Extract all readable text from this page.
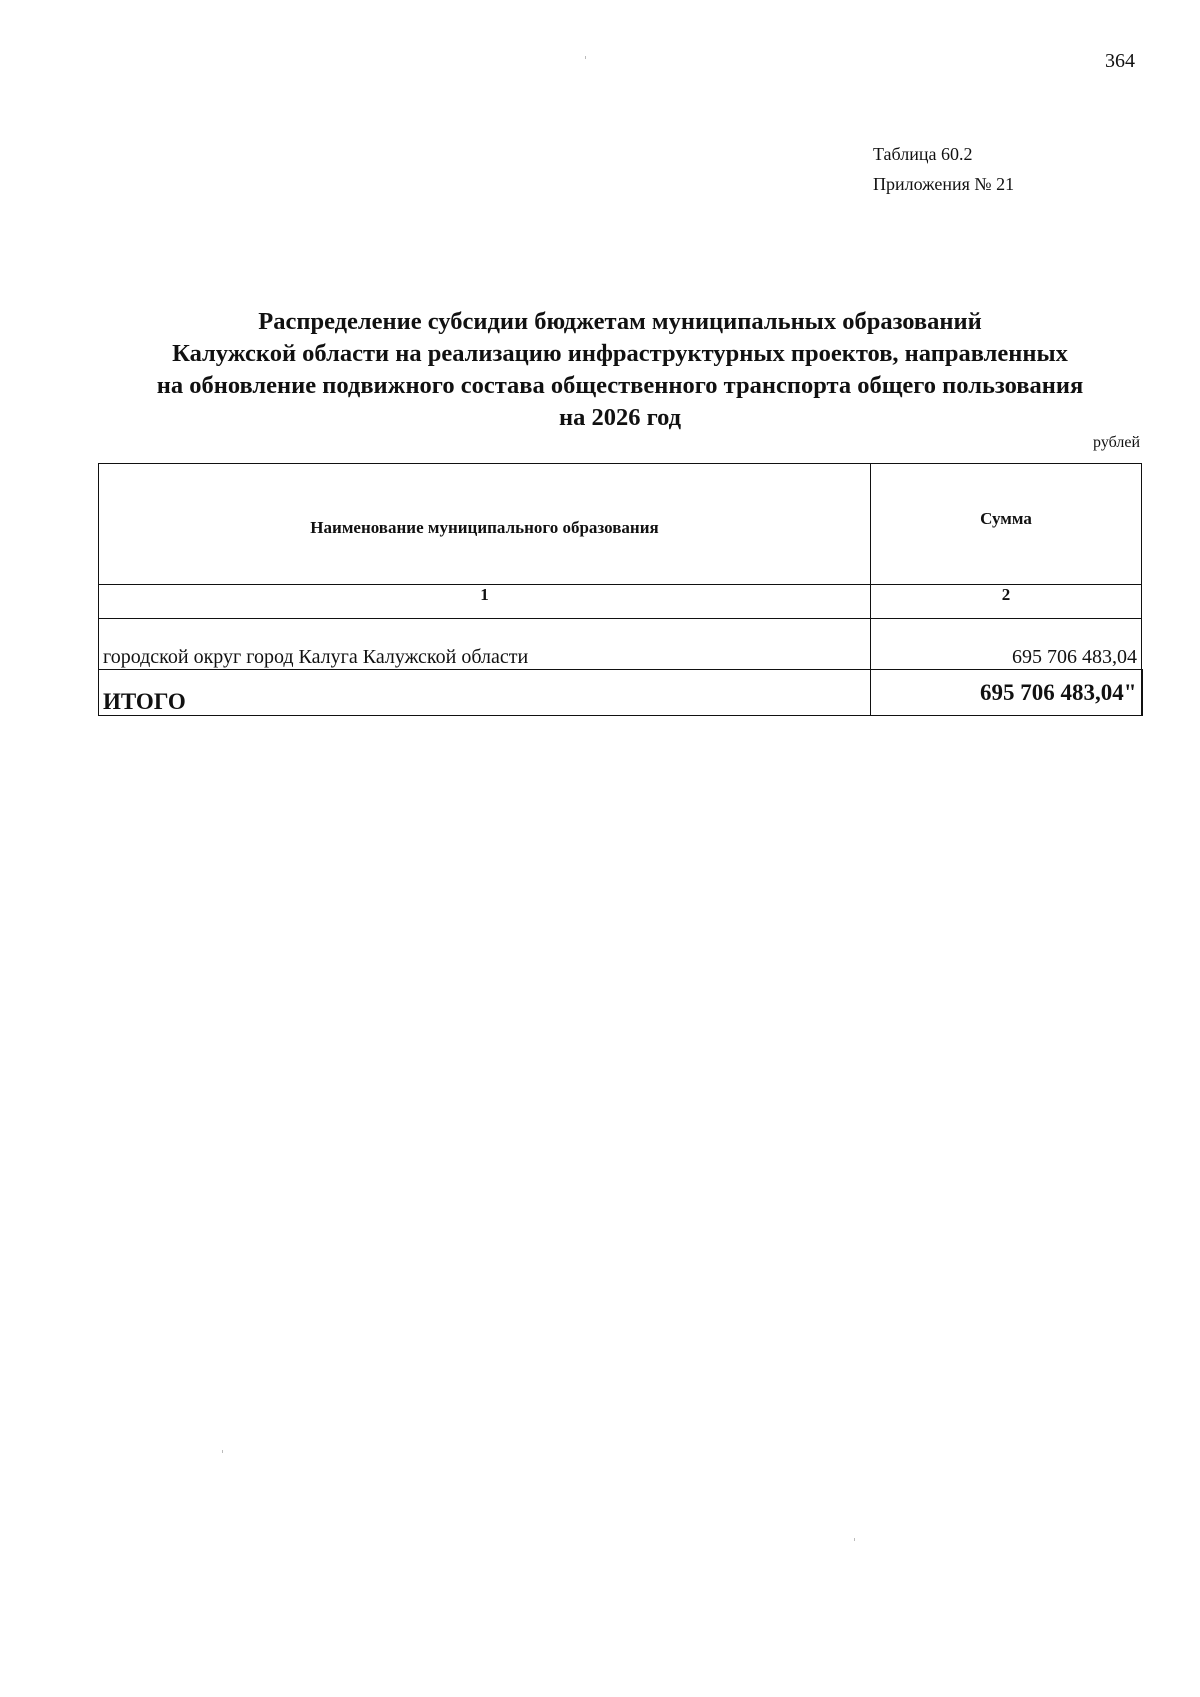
364
Таблица 60.2
Приложения № 21
Распределение субсидии бюджетам муниципальных образований
Калужской области на реализацию инфраструктурных проектов, направленных
на обновление подвижного состава общественного транспорта общего пользования
на 2026 год
рублей
Наименование муниципального образования	Сумма
1	2
городской округ город Калуга Калужской области	695 706 483,04
ИТОГО	695 706 483,04"
